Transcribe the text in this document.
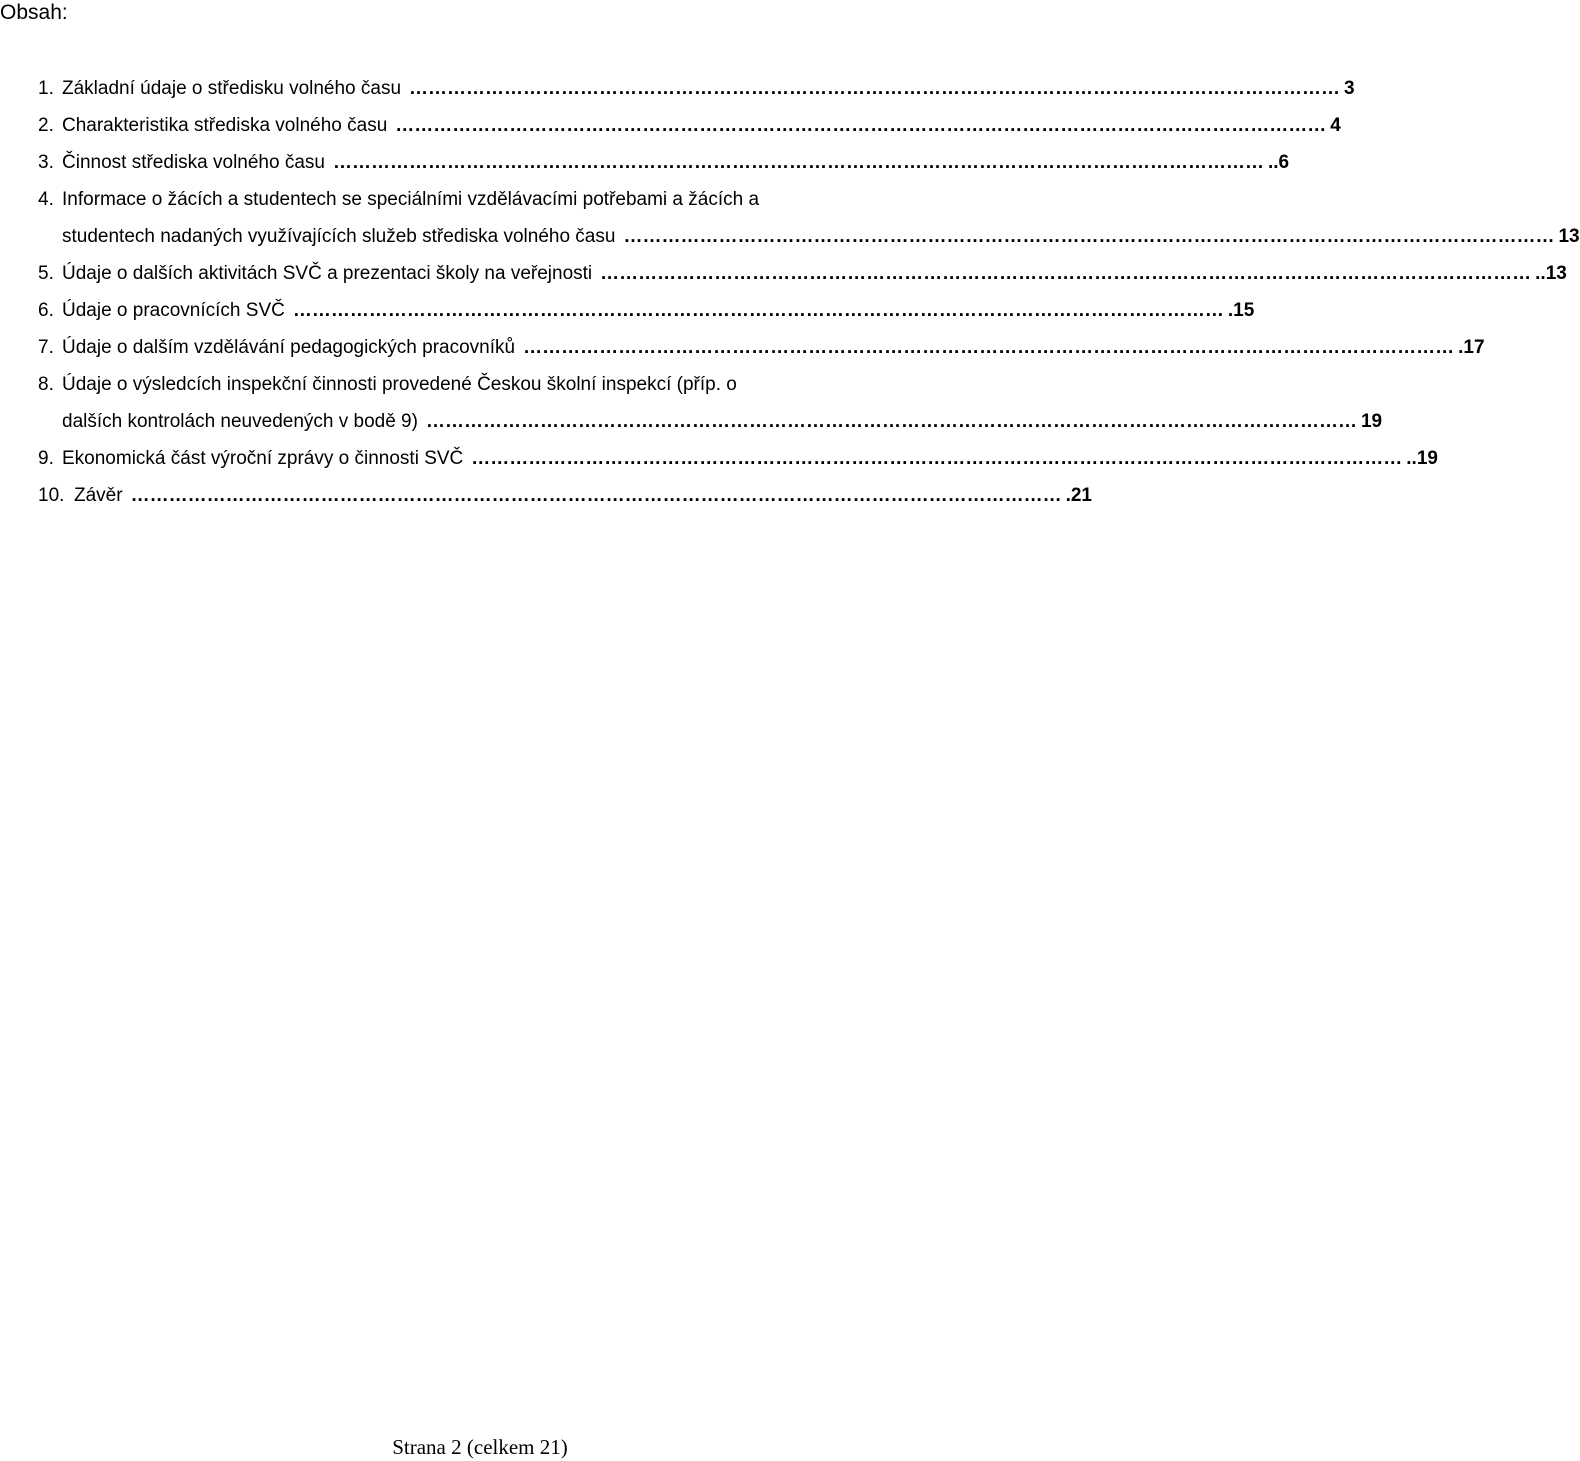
Obsah:
1. Základní údaje o středisku volného času ………………………………………………………………………………………………………………………………… 3
2. Charakteristika střediska volného času ………………………………………………………………………………………………………………………………… 4
3. Činnost střediska volného času ………………………………………………………………………………………………………………………………… ..6
4. Informace o žácích a studentech se speciálními vzdělávacími potřebami a žácích a
studentech nadaných využívajících služeb střediska volného času ………………………………………………………………………………………………………………………………… 13
5. Údaje o dalších aktivitách SVČ a prezentaci školy na veřejnosti ………………………………………………………………………………………………………………………………… ..13
6. Údaje o pracovnících SVČ ………………………………………………………………………………………………………………………………… .15
7. Údaje o dalším vzdělávání pedagogických pracovníků ………………………………………………………………………………………………………………………………… .17
8. Údaje o výsledcích inspekční činnosti provedené Českou školní inspekcí (příp. o
dalších kontrolách neuvedených v bodě 9) ………………………………………………………………………………………………………………………………… 19
9. Ekonomická část výroční zprávy o činnosti SVČ ………………………………………………………………………………………………………………………………… ..19
10. Závěr ………………………………………………………………………………………………………………………………… .21
Strana 2 (celkem 21)
